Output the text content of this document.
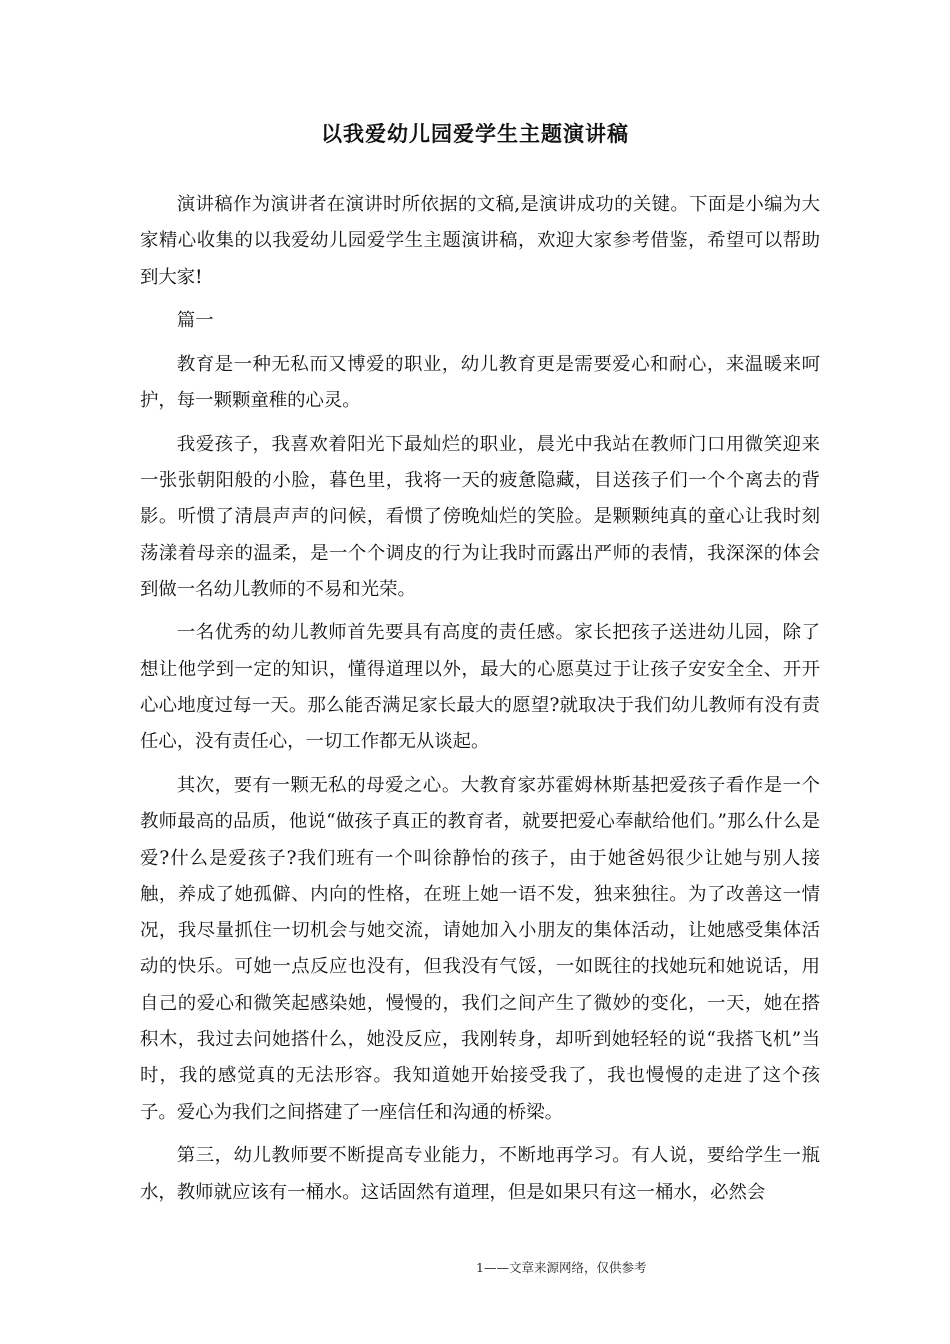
以我爱幼儿园爱学生主题演讲稿

演讲稿作为演讲者在演讲时所依据的文稿,是演讲成功的关键。下面是小编为大家精心收集的以我爱幼儿园爱学生主题演讲稿，欢迎大家参考借鉴，希望可以帮助到大家!

篇一

教育是一种无私而又博爱的职业，幼儿教育更是需要爱心和耐心，来温暖来呵护，每一颗颗童稚的心灵。

我爱孩子，我喜欢着阳光下最灿烂的职业，晨光中我站在教师门口用微笑迎来一张张朝阳般的小脸，暮色里，我将一天的疲惫隐藏，目送孩子们一个个离去的背影。听惯了清晨声声的问候，看惯了傍晚灿烂的笑脸。是颗颗纯真的童心让我时刻荡漾着母亲的温柔，是一个个调皮的行为让我时而露出严师的表情，我深深的体会到做一名幼儿教师的不易和光荣。

一名优秀的幼儿教师首先要具有高度的责任感。家长把孩子送进幼儿园，除了想让他学到一定的知识，懂得道理以外，最大的心愿莫过于让孩子安安全全、开开心心地度过每一天。那么能否满足家长最大的愿望?就取决于我们幼儿教师有没有责任心，没有责任心，一切工作都无从谈起。

其次，要有一颗无私的母爱之心。大教育家苏霍姆林斯基把爱孩子看作是一个教师最高的品质，他说“做孩子真正的教育者，就要把爱心奉献给他们。”那么什么是爱?什么是爱孩子?我们班有一个叫徐静怡的孩子，由于她爸妈很少让她与别人接触，养成了她孤僻、内向的性格，在班上她一语不发，独来独往。为了改善这一情况，我尽量抓住一切机会与她交流，请她加入小朋友的集体活动，让她感受集体活动的快乐。可她一点反应也没有，但我没有气馁，一如既往的找她玩和她说话，用自己的爱心和微笑起感染她，慢慢的，我们之间产生了微妙的变化，一天，她在搭积木，我过去问她搭什么，她没反应，我刚转身，却听到她轻轻的说“我搭飞机”当时，我的感觉真的无法形容。我知道她开始接受我了，我也慢慢的走进了这个孩子。爱心为我们之间搭建了一座信任和沟通的桥梁。

第三，幼儿教师要不断提高专业能力，不断地再学习。有人说，要给学生一瓶水，教师就应该有一桶水。这话固然有道理，但是如果只有这一桶水，必然会

1——文章来源网络，仅供参考
